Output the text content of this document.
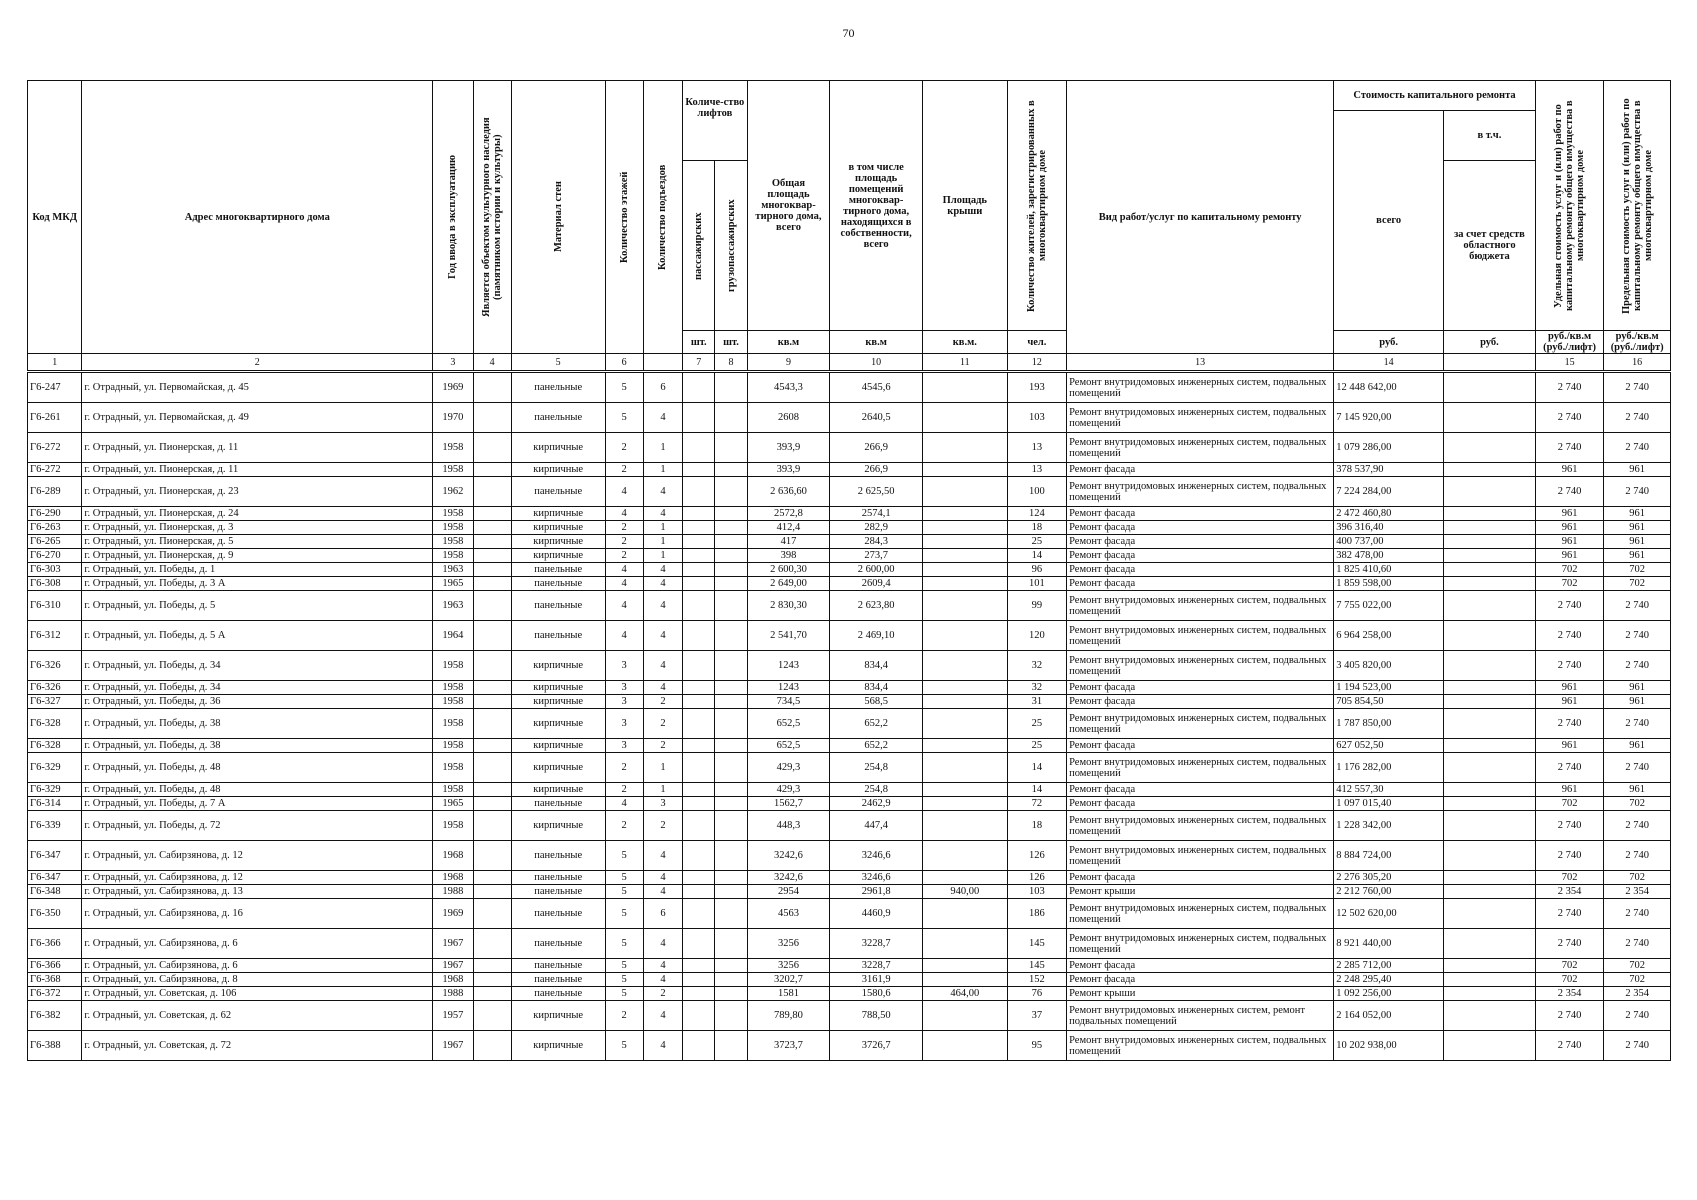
70
Код МКД	Адрес многоквартирного дома	Год ввода в эксплуатацию	Является объектом культурного наследия (памятником истории и культуры)	Материал стен	Количество этажей	Количество подъездов	Количе-ство лифтов		Общая площадь многоквар-тирного дома, всего	в том числе площадь помещений многоквар-тирного дома, находящихся в собственности, всего	Площадь крыши	Количество жителей, зарегистрированных в многоквартирном доме	Вид работ/услуг по капитальному ремонту	Стоимость капитального ремонта		Удельная стоимость услуг и (или) работ по капитальному ремонту общего имущества в многоквартирном доме	Предельная стоимость услуг и (или) работ по капитальному ремонту общего имущества в многоквартирном доме

														всего	в т.ч.		

							пассажирских	грузопассажирских							за счет средств областного бюджета		
							шт.	шт.	кв.м	кв.м	кв.м.	чел.		руб.	руб.	руб./кв.м (руб./лифт)	руб./кв.м (руб./лифт)
1	2	3	4	5	6		7	8	9	10	11	12	13	14		15	16
Г6-247	г. Отрадный, ул. Первомайская, д. 45	1969		панельные	5	6			4543,3	4545,6		193	Ремонт внутридомовых инженерных систем, подвальных помещений	12 448 642,00		2 740	2 740
Г6-261	г. Отрадный, ул. Первомайская, д. 49	1970		панельные	5	4			2608	2640,5		103	Ремонт внутридомовых инженерных систем, подвальных помещений	7 145 920,00		2 740	2 740
Г6-272	г. Отрадный, ул. Пионерская, д. 11	1958		кирпичные	2	1			393,9	266,9		13	Ремонт внутридомовых инженерных систем, подвальных помещений	1 079 286,00		2 740	2 740
Г6-272	г. Отрадный, ул. Пионерская, д. 11	1958		кирпичные	2	1			393,9	266,9		13	Ремонт фасада	378 537,90		961	961
Г6-289	г. Отрадный, ул. Пионерская, д. 23	1962		панельные	4	4			2 636,60	2 625,50		100	Ремонт внутридомовых инженерных систем, подвальных помещений	7 224 284,00		2 740	2 740
Г6-290	г. Отрадный, ул. Пионерская, д. 24	1958		кирпичные	4	4			2572,8	2574,1		124	Ремонт фасада	2 472 460,80		961	961
Г6-263	г. Отрадный, ул. Пионерская, д. 3	1958		кирпичные	2	1			412,4	282,9		18	Ремонт фасада	396 316,40		961	961
Г6-265	г. Отрадный, ул. Пионерская, д. 5	1958		кирпичные	2	1			417	284,3		25	Ремонт фасада	400 737,00		961	961
Г6-270	г. Отрадный, ул. Пионерская, д. 9	1958		кирпичные	2	1			398	273,7		14	Ремонт фасада	382 478,00		961	961
Г6-303	г. Отрадный, ул. Победы, д. 1	1963		панельные	4	4			2 600,30	2 600,00		96	Ремонт фасада	1 825 410,60		702	702
Г6-308	г. Отрадный, ул. Победы, д. 3 А	1965		панельные	4	4			2 649,00	2609,4		101	Ремонт фасада	1 859 598,00		702	702
Г6-310	г. Отрадный, ул. Победы, д. 5	1963		панельные	4	4			2 830,30	2 623,80		99	Ремонт внутридомовых инженерных систем, подвальных помещений	7 755 022,00		2 740	2 740
Г6-312	г. Отрадный, ул. Победы, д. 5 А	1964		панельные	4	4			2 541,70	2 469,10		120	Ремонт внутридомовых инженерных систем, подвальных помещений	6 964 258,00		2 740	2 740
Г6-326	г. Отрадный, ул. Победы, д. 34	1958		кирпичные	3	4			1243	834,4		32	Ремонт внутридомовых инженерных систем, подвальных помещений	3 405 820,00		2 740	2 740
Г6-326	г. Отрадный, ул. Победы, д. 34	1958		кирпичные	3	4			1243	834,4		32	Ремонт фасада	1 194 523,00		961	961
Г6-327	г. Отрадный, ул. Победы, д. 36	1958		кирпичные	3	2			734,5	568,5		31	Ремонт фасада	705 854,50		961	961
Г6-328	г. Отрадный, ул. Победы, д. 38	1958		кирпичные	3	2			652,5	652,2		25	Ремонт внутридомовых инженерных систем, подвальных помещений	1 787 850,00		2 740	2 740
Г6-328	г. Отрадный, ул. Победы, д. 38	1958		кирпичные	3	2			652,5	652,2		25	Ремонт фасада	627 052,50		961	961
Г6-329	г. Отрадный, ул. Победы, д. 48	1958		кирпичные	2	1			429,3	254,8		14	Ремонт внутридомовых инженерных систем, подвальных помещений	1 176 282,00		2 740	2 740
Г6-329	г. Отрадный, ул. Победы, д. 48	1958		кирпичные	2	1			429,3	254,8		14	Ремонт фасада	412 557,30		961	961
Г6-314	г. Отрадный, ул. Победы, д. 7 А	1965		панельные	4	3			1562,7	2462,9		72	Ремонт фасада	1 097 015,40		702	702
Г6-339	г. Отрадный, ул. Победы, д. 72	1958		кирпичные	2	2			448,3	447,4		18	Ремонт внутридомовых инженерных систем, подвальных помещений	1 228 342,00		2 740	2 740
Г6-347	г. Отрадный, ул. Сабирзянова, д. 12	1968		панельные	5	4			3242,6	3246,6		126	Ремонт внутридомовых инженерных систем, подвальных помещений	8 884 724,00		2 740	2 740
Г6-347	г. Отрадный, ул. Сабирзянова, д. 12	1968		панельные	5	4			3242,6	3246,6		126	Ремонт фасада	2 276 305,20		702	702
Г6-348	г. Отрадный, ул. Сабирзянова, д. 13	1988		панельные	5	4			2954	2961,8	940,00	103	Ремонт крыши	2 212 760,00		2 354	2 354
Г6-350	г. Отрадный, ул. Сабирзянова, д. 16	1969		панельные	5	6			4563	4460,9		186	Ремонт внутридомовых инженерных систем, подвальных помещений	12 502 620,00		2 740	2 740
Г6-366	г. Отрадный, ул. Сабирзянова, д. 6	1967		панельные	5	4			3256	3228,7		145	Ремонт внутридомовых инженерных систем, подвальных помещений	8 921 440,00		2 740	2 740
Г6-366	г. Отрадный, ул. Сабирзянова, д. 6	1967		панельные	5	4			3256	3228,7		145	Ремонт фасада	2 285 712,00		702	702
Г6-368	г. Отрадный, ул. Сабирзянова, д. 8	1968		панельные	5	4			3202,7	3161,9		152	Ремонт фасада	2 248 295,40		702	702
Г6-372	г. Отрадный, ул. Советская, д. 106	1988		панельные	5	2			1581	1580,6	464,00	76	Ремонт крыши	1 092 256,00		2 354	2 354
Г6-382	г. Отрадный, ул. Советская, д. 62	1957		кирпичные	2	4			789,80	788,50		37	Ремонт внутридомовых инженерных систем, ремонт подвальных помещений	2 164 052,00		2 740	2 740
Г6-388	г. Отрадный, ул. Советская, д. 72	1967		кирпичные	5	4			3723,7	3726,7		95	Ремонт внутридомовых инженерных систем, подвальных помещений	10 202 938,00		2 740	2 740
